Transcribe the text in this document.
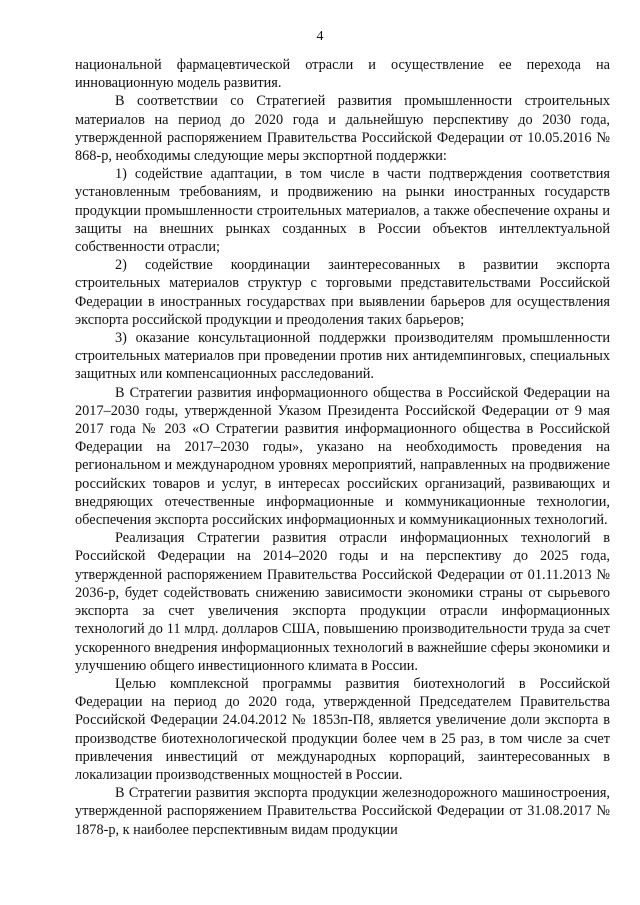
4

национальной фармацевтической отрасли и осуществление ее перехода на инновационную модель развития.

В соответствии со Стратегией развития промышленности строительных материалов на период до 2020 года и дальнейшую перспективу до 2030 года, утвержденной распоряжением Правительства Российской Федерации от 10.05.2016 № 868-р, необходимы следующие меры экспортной поддержки:

1) содействие адаптации, в том числе в части подтверждения соответствия установленным требованиям, и продвижению на рынки иностранных государств продукции промышленности строительных материалов, а также обеспечение охраны и защиты на внешних рынках созданных в России объектов интеллектуальной собственности отрасли;

2) содействие координации заинтересованных в развитии экспорта строительных материалов структур с торговыми представительствами Российской Федерации в иностранных государствах при выявлении барьеров для осуществления экспорта российской продукции и преодоления таких барьеров;

3) оказание консультационной поддержки производителям промышленности строительных материалов при проведении против них антидемпинговых, специальных защитных или компенсационных расследований.

В Стратегии развития информационного общества в Российской Федерации на 2017–2030 годы, утвержденной Указом Президента Российской Федерации от 9 мая 2017 года № 203 «О Стратегии развития информационного общества в Российской Федерации на 2017–2030 годы», указано на необходимость проведения на региональном и международном уровнях мероприятий, направленных на продвижение российских товаров и услуг, в интересах российских организаций, развивающих и внедряющих отечественные информационные и коммуникационные технологии, обеспечения экспорта российских информационных и коммуникационных технологий.

Реализация Стратегии развития отрасли информационных технологий в Российской Федерации на 2014–2020 годы и на перспективу до 2025 года, утвержденной распоряжением Правительства Российской Федерации от 01.11.2013 № 2036-р, будет содействовать снижению зависимости экономики страны от сырьевого экспорта за счет увеличения экспорта продукции отрасли информационных технологий до 11 млрд. долларов США, повышению производительности труда за счет ускоренного внедрения информационных технологий в важнейшие сферы экономики и улучшению общего инвестиционного климата в России.

Целью комплексной программы развития биотехнологий в Российской Федерации на период до 2020 года, утвержденной Председателем Правительства Российской Федерации 24.04.2012 № 1853п-П8, является увеличение доли экспорта в производстве биотехнологической продукции более чем в 25 раз, в том числе за счет привлечения инвестиций от международных корпораций, заинтересованных в локализации производственных мощностей в России.

В Стратегии развития экспорта продукции железнодорожного машиностроения, утвержденной распоряжением Правительства Российской Федерации от 31.08.2017 № 1878-р, к наиболее перспективным видам продукции
